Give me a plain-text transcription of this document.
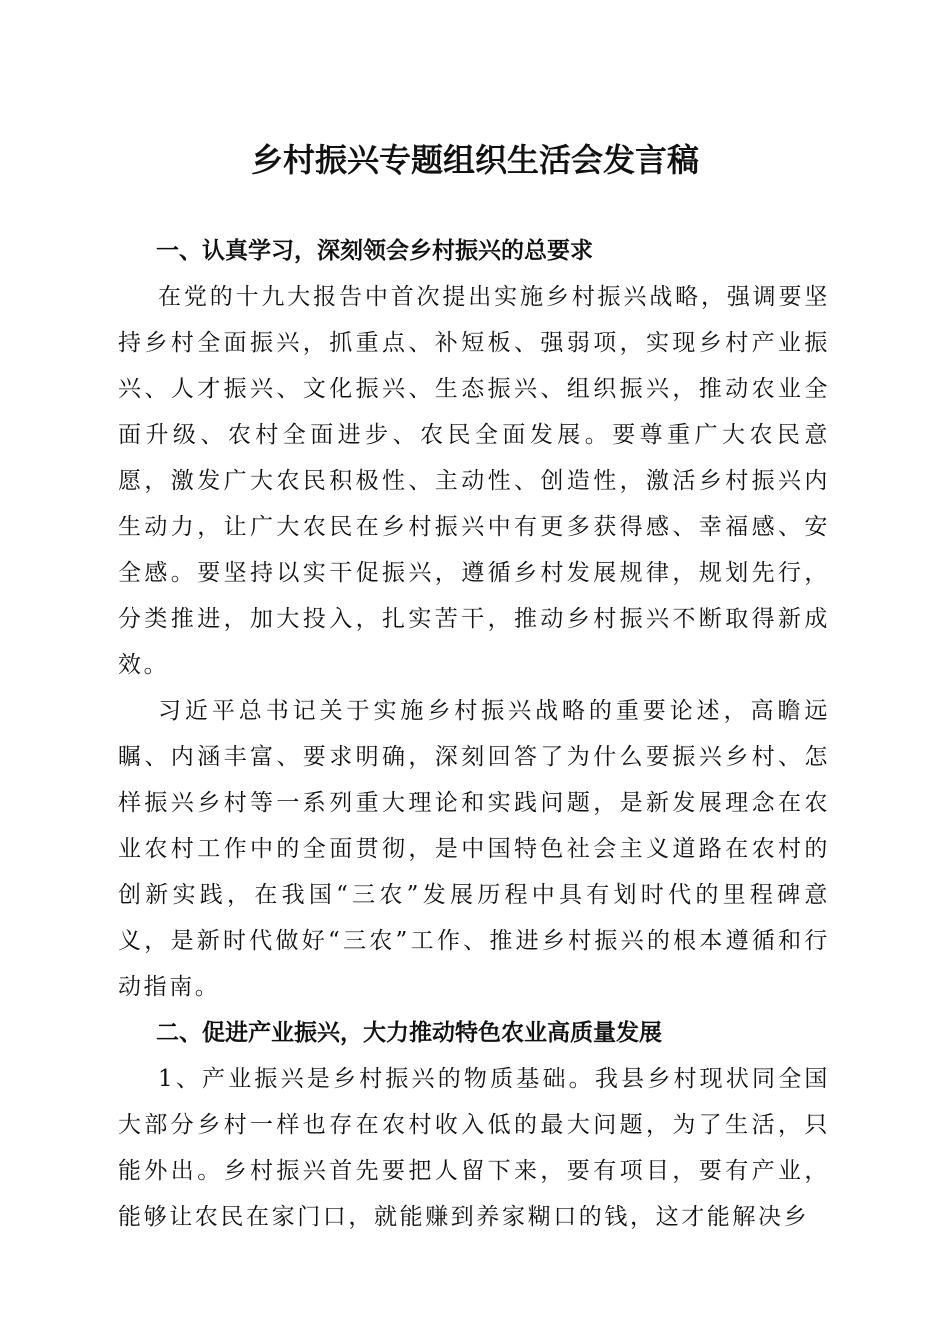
乡村振兴专题组织生活会发言稿
一、认真学习，深刻领会乡村振兴的总要求

在党的十九大报告中首次提出实施乡村振兴战略，强调要坚持乡村全面振兴，抓重点、补短板、强弱项，实现乡村产业振兴、人才振兴、文化振兴、生态振兴、组织振兴，推动农业全面升级、农村全面进步、农民全面发展。要尊重广大农民意愿，激发广大农民积极性、主动性、创造性，激活乡村振兴内生动力，让广大农民在乡村振兴中有更多获得感、幸福感、安全感。要坚持以实干促振兴，遵循乡村发展规律，规划先行，分类推进，加大投入，扎实苦干，推动乡村振兴不断取得新成效。

习近平总书记关于实施乡村振兴战略的重要论述，高瞻远瞩、内涵丰富、要求明确，深刻回答了为什么要振兴乡村、怎样振兴乡村等一系列重大理论和实践问题，是新发展理念在农业农村工作中的全面贯彻，是中国特色社会主义道路在农村的创新实践，在我国“三农”发展历程中具有划时代的里程碑意义，是新时代做好“三农”工作、推进乡村振兴的根本遵循和行动指南。

二、促进产业振兴，大力推动特色农业高质量发展

1、产业振兴是乡村振兴的物质基础。我县乡村现状同全国大部分乡村一样也存在农村收入低的最大问题，为了生活，只能外出。乡村振兴首先要把人留下来，要有项目，要有产业，能够让农民在家门口，就能赚到养家糊口的钱，这才能解决乡
